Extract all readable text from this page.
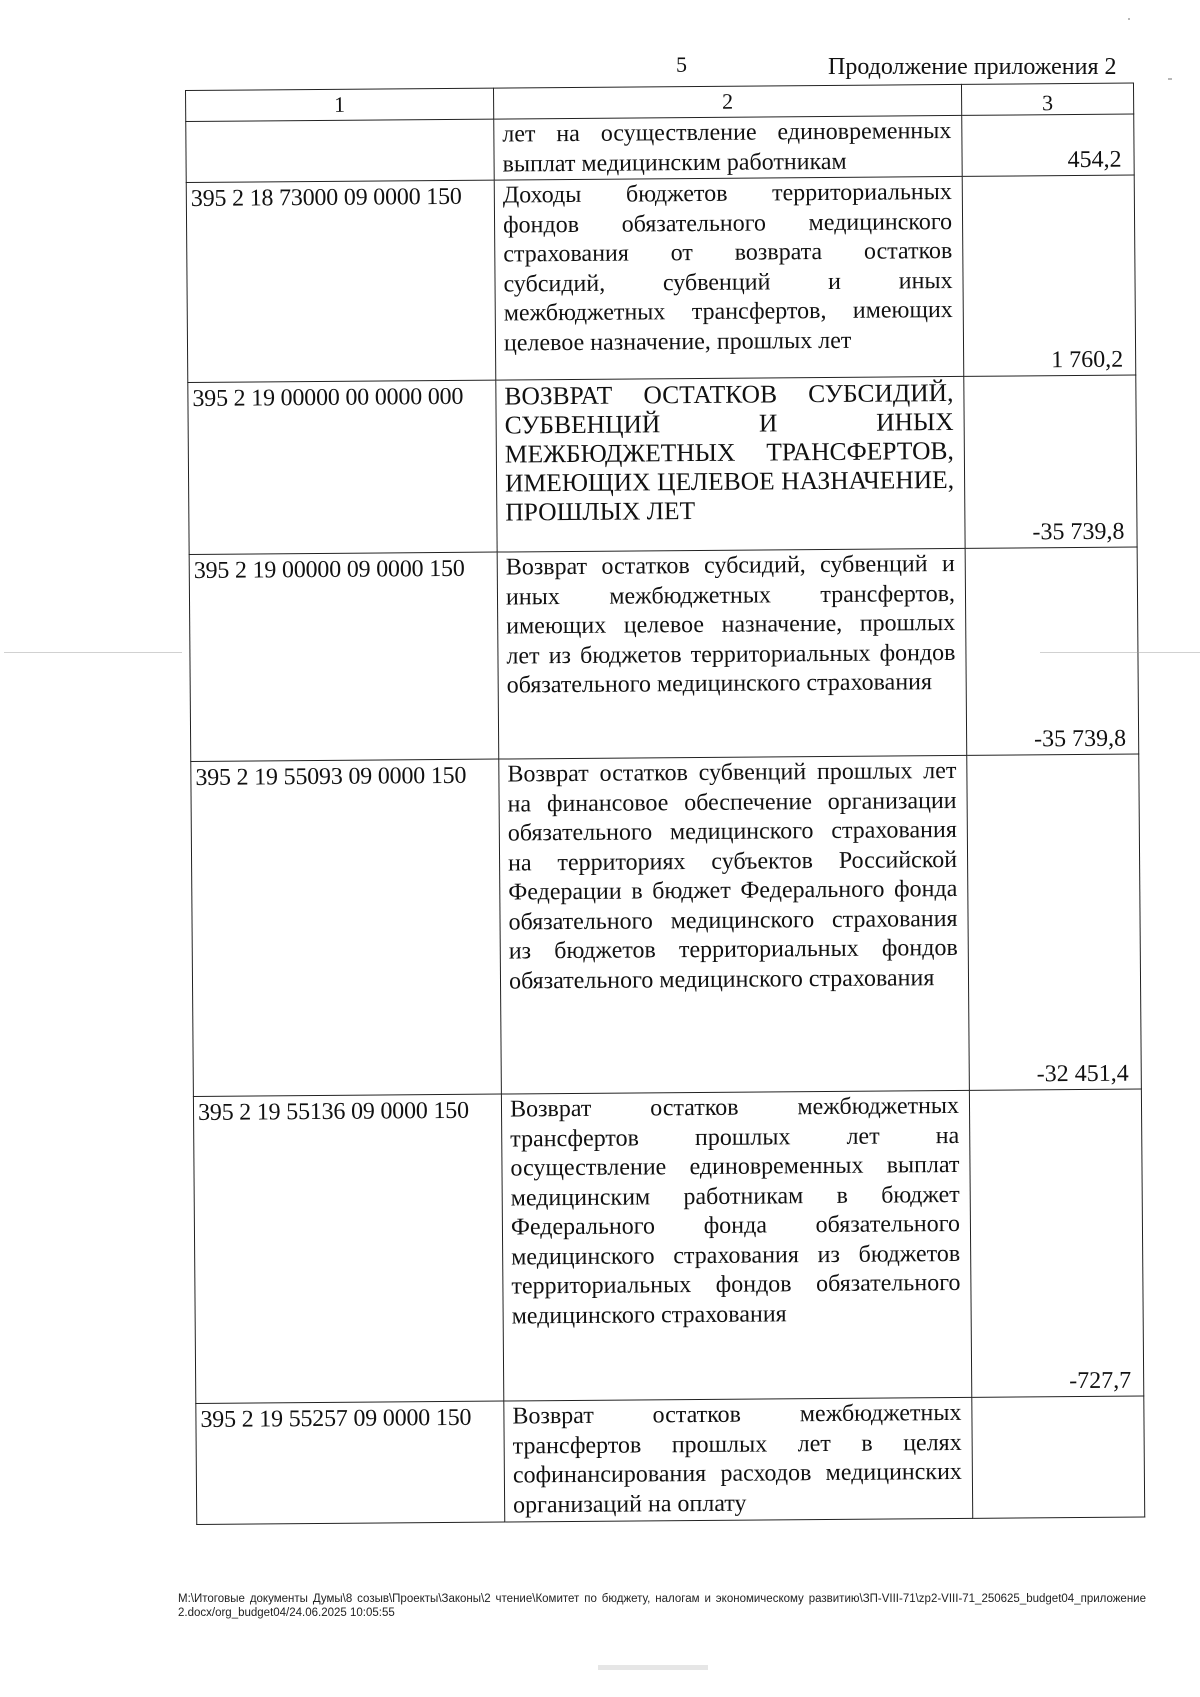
5	Продолжение приложения 2
1	2	3
	лет на осуществление единовременных выплат медицинским работникам	454,2
395 2 18 73000 09 0000 150	Доходы бюджетов территориальных фондов обязательного медицинского страхования от возврата остатков субсидий, субвенций и иных межбюджетных трансфертов, имеющих целевое назначение, прошлых лет	1 760,2
395 2 19 00000 00 0000 000	ВОЗВРАТ ОСТАТКОВ СУБСИДИЙ, СУБВЕНЦИЙ И ИНЫХ МЕЖБЮДЖЕТНЫХ ТРАНСФЕРТОВ, ИМЕЮЩИХ ЦЕЛЕВОЕ НАЗНАЧЕНИЕ, ПРОШЛЫХ ЛЕТ	-35 739,8
395 2 19 00000 09 0000 150	Возврат остатков субсидий, субвенций и иных межбюджетных трансфертов, имеющих целевое назначение, прошлых лет из бюджетов территориальных фондов обязательного медицинского страхования	-35 739,8
395 2 19 55093 09 0000 150	Возврат остатков субвенций прошлых лет на финансовое обеспечение организации обязательного медицинского страхования на территориях субъектов Российской Федерации в бюджет Федерального фонда обязательного медицинского страхования из бюджетов территориальных фондов обязательного медицинского страхования	-32 451,4
395 2 19 55136 09 0000 150	Возврат остатков межбюджетных трансфертов прошлых лет на осуществление единовременных выплат медицинским работникам в бюджет Федерального фонда обязательного медицинского страхования из бюджетов территориальных фондов обязательного медицинского страхования	-727,7
395 2 19 55257 09 0000 150	Возврат остатков межбюджетных трансфертов прошлых лет в целях софинансирования расходов медицинских организаций на оплату	
M:\Итоговые документы Думы\8 созыв\Проекты\Законы\2 чтение\Комитет по бюджету, налогам и экономическому развитию\ЗП-VIII-71\zp2-VIII-71_250625_budget04_приложение 2.docx/org_budget04/24.06.2025 10:05:55
